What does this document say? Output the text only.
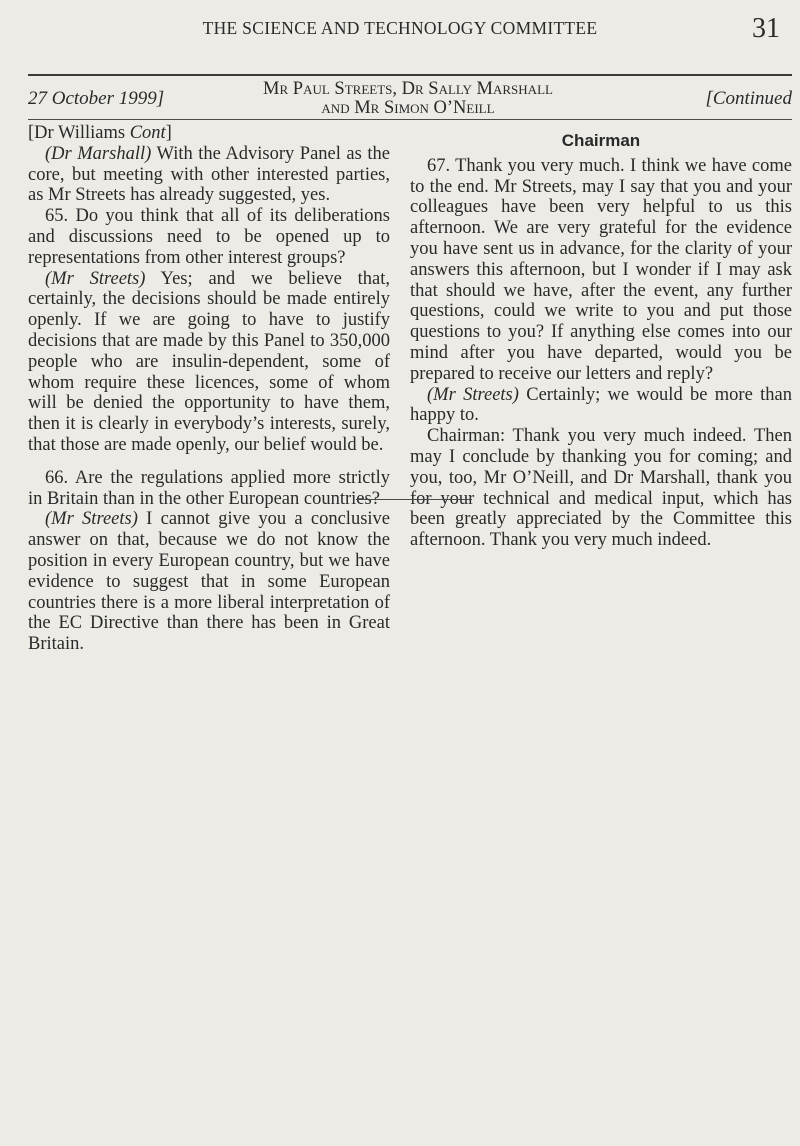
THE SCIENCE AND TECHNOLOGY COMMITTEE	31
27 October 1999]	Mr Paul Streets, Dr Sally Marshall
and Mr Simon O’Neill	[Continued

[Dr Williams Cont]

(Dr Marshall) With the Advisory Panel as the core, but meeting with other interested parties, as Mr Streets has already suggested, yes.

65. Do you think that all of its deliberations and discussions need to be opened up to representations from other interest groups?

(Mr Streets) Yes; and we believe that, certainly, the decisions should be made entirely openly. If we are going to have to justify decisions that are made by this Panel to 350,000 people who are insulin-dependent, some of whom require these licences, some of whom will be denied the opportunity to have them, then it is clearly in everybody’s interests, surely, that those are made openly, our belief would be.

66. Are the regulations applied more strictly in Britain than in the other European countries?

(Mr Streets) I cannot give you a conclusive answer on that, because we do not know the position in every European country, but we have evidence to suggest that in some European countries there is a more liberal interpretation of the EC Directive than there has been in Great Britain.

Chairman

67. Thank you very much. I think we have come to the end. Mr Streets, may I say that you and your colleagues have been very helpful to us this afternoon. We are very grateful for the evidence you have sent us in advance, for the clarity of your answers this afternoon, but I wonder if I may ask that should we have, after the event, any further questions, could we write to you and put those questions to you? If anything else comes into our mind after you have departed, would you be prepared to receive our letters and reply?

(Mr Streets) Certainly; we would be more than happy to.

Chairman: Thank you very much indeed. Then may I conclude by thanking you for coming; and you, too, Mr O’Neill, and Dr Marshall, thank you for your technical and medical input, which has been greatly appreciated by the Committee this afternoon. Thank you very much indeed.
